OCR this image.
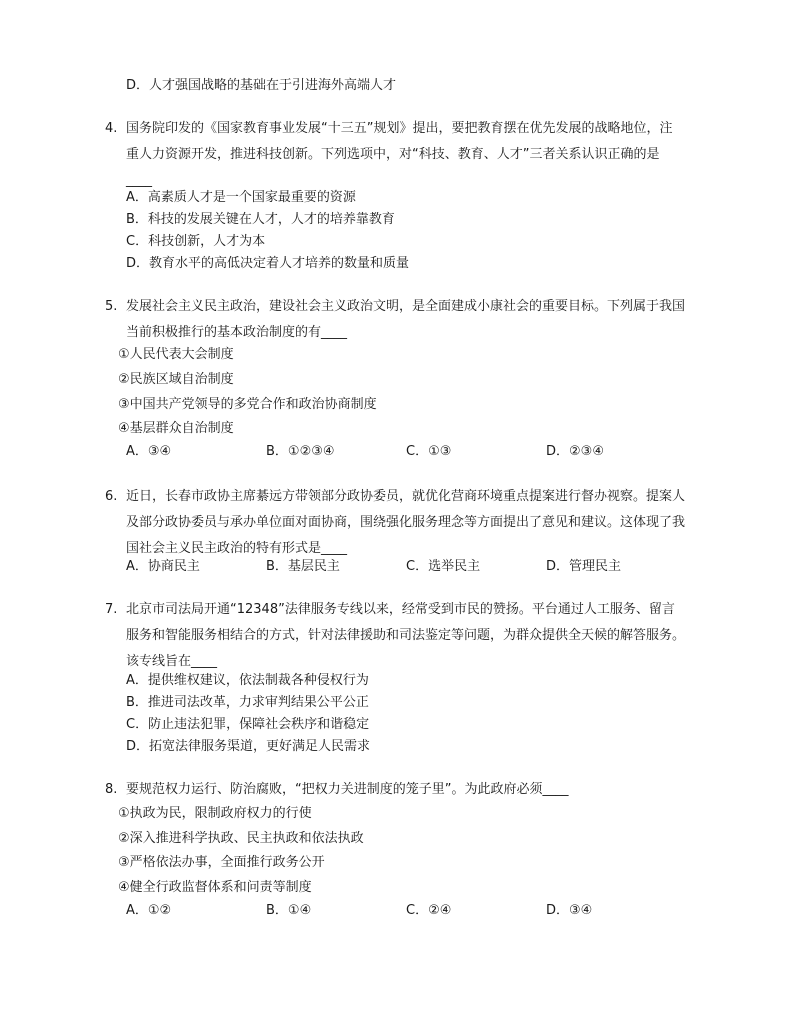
D．人才强国战略的基础在于引进海外高端人才
4. 国务院印发的《国家教育事业发展“十三五”规划》提出，要把教育摆在优先发展的战略地位，注重人力资源开发，推进科技创新。下列选项中，对“科技、教育、人才”三者关系认识正确的是____
A．高素质人才是一个国家最重要的资源
B．科技的发展关键在人才，人才的培养靠教育
C．科技创新，人才为本
D．教育水平的高低决定着人才培养的数量和质量
5. 发展社会主义民主政治，建设社会主义政治文明，是全面建成小康社会的重要目标。下列属于我国当前积极推行的基本政治制度的有____
①人民代表大会制度
②民族区域自治制度
③中国共产党领导的多党合作和政治协商制度
④基层群众自治制度
A．③④	B．①②③④	C．①③	D．②③④
6. 近日，长春市政协主席綦远方带领部分政协委员，就优化营商环境重点提案进行督办视察。提案人及部分政协委员与承办单位面对面协商，围绕强化服务理念等方面提出了意见和建议。这体现了我国社会主义民主政治的特有形式是____
A．协商民主	B．基层民主	C．选举民主	D．管理民主
7. 北京市司法局开通“12348”法律服务专线以来，经常受到市民的赞扬。平台通过人工服务、留言服务和智能服务相结合的方式，针对法律援助和司法鉴定等问题，为群众提供全天候的解答服务。该专线旨在____
A．提供维权建议，依法制裁各种侵权行为
B．推进司法改革，力求审判结果公平公正
C．防止违法犯罪，保障社会秩序和谐稳定
D．拓宽法律服务渠道，更好满足人民需求
8. 要规范权力运行、防治腐败，“把权力关进制度的笼子里”。为此政府必须____
①执政为民，限制政府权力的行使
②深入推进科学执政、民主执政和依法执政
③严格依法办事，全面推行政务公开
④健全行政监督体系和问责等制度
A．①②	B．①④	C．②④	D．③④
